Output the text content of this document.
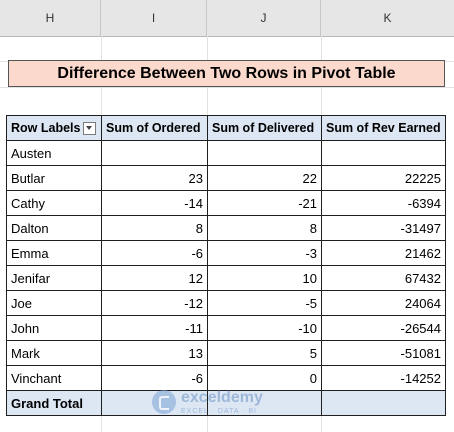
H	I	J	K
Difference Between Two Rows in Pivot Table
Row Labels	Sum of Ordered	Sum of Delivered	Sum of Rev Earned
Austen			
Butlar	23	22	22225
Cathy	-14	-21	-6394
Dalton	8	8	-31497
Emma	-6	-3	21462
Jenifar	12	10	67432
Joe	-12	-5	24064
John	-11	-10	-26544
Mark	13	5	-51081
Vinchant	-6	0	-14252
Grand Total				exceldemy
EXCEL · DATA · BI
